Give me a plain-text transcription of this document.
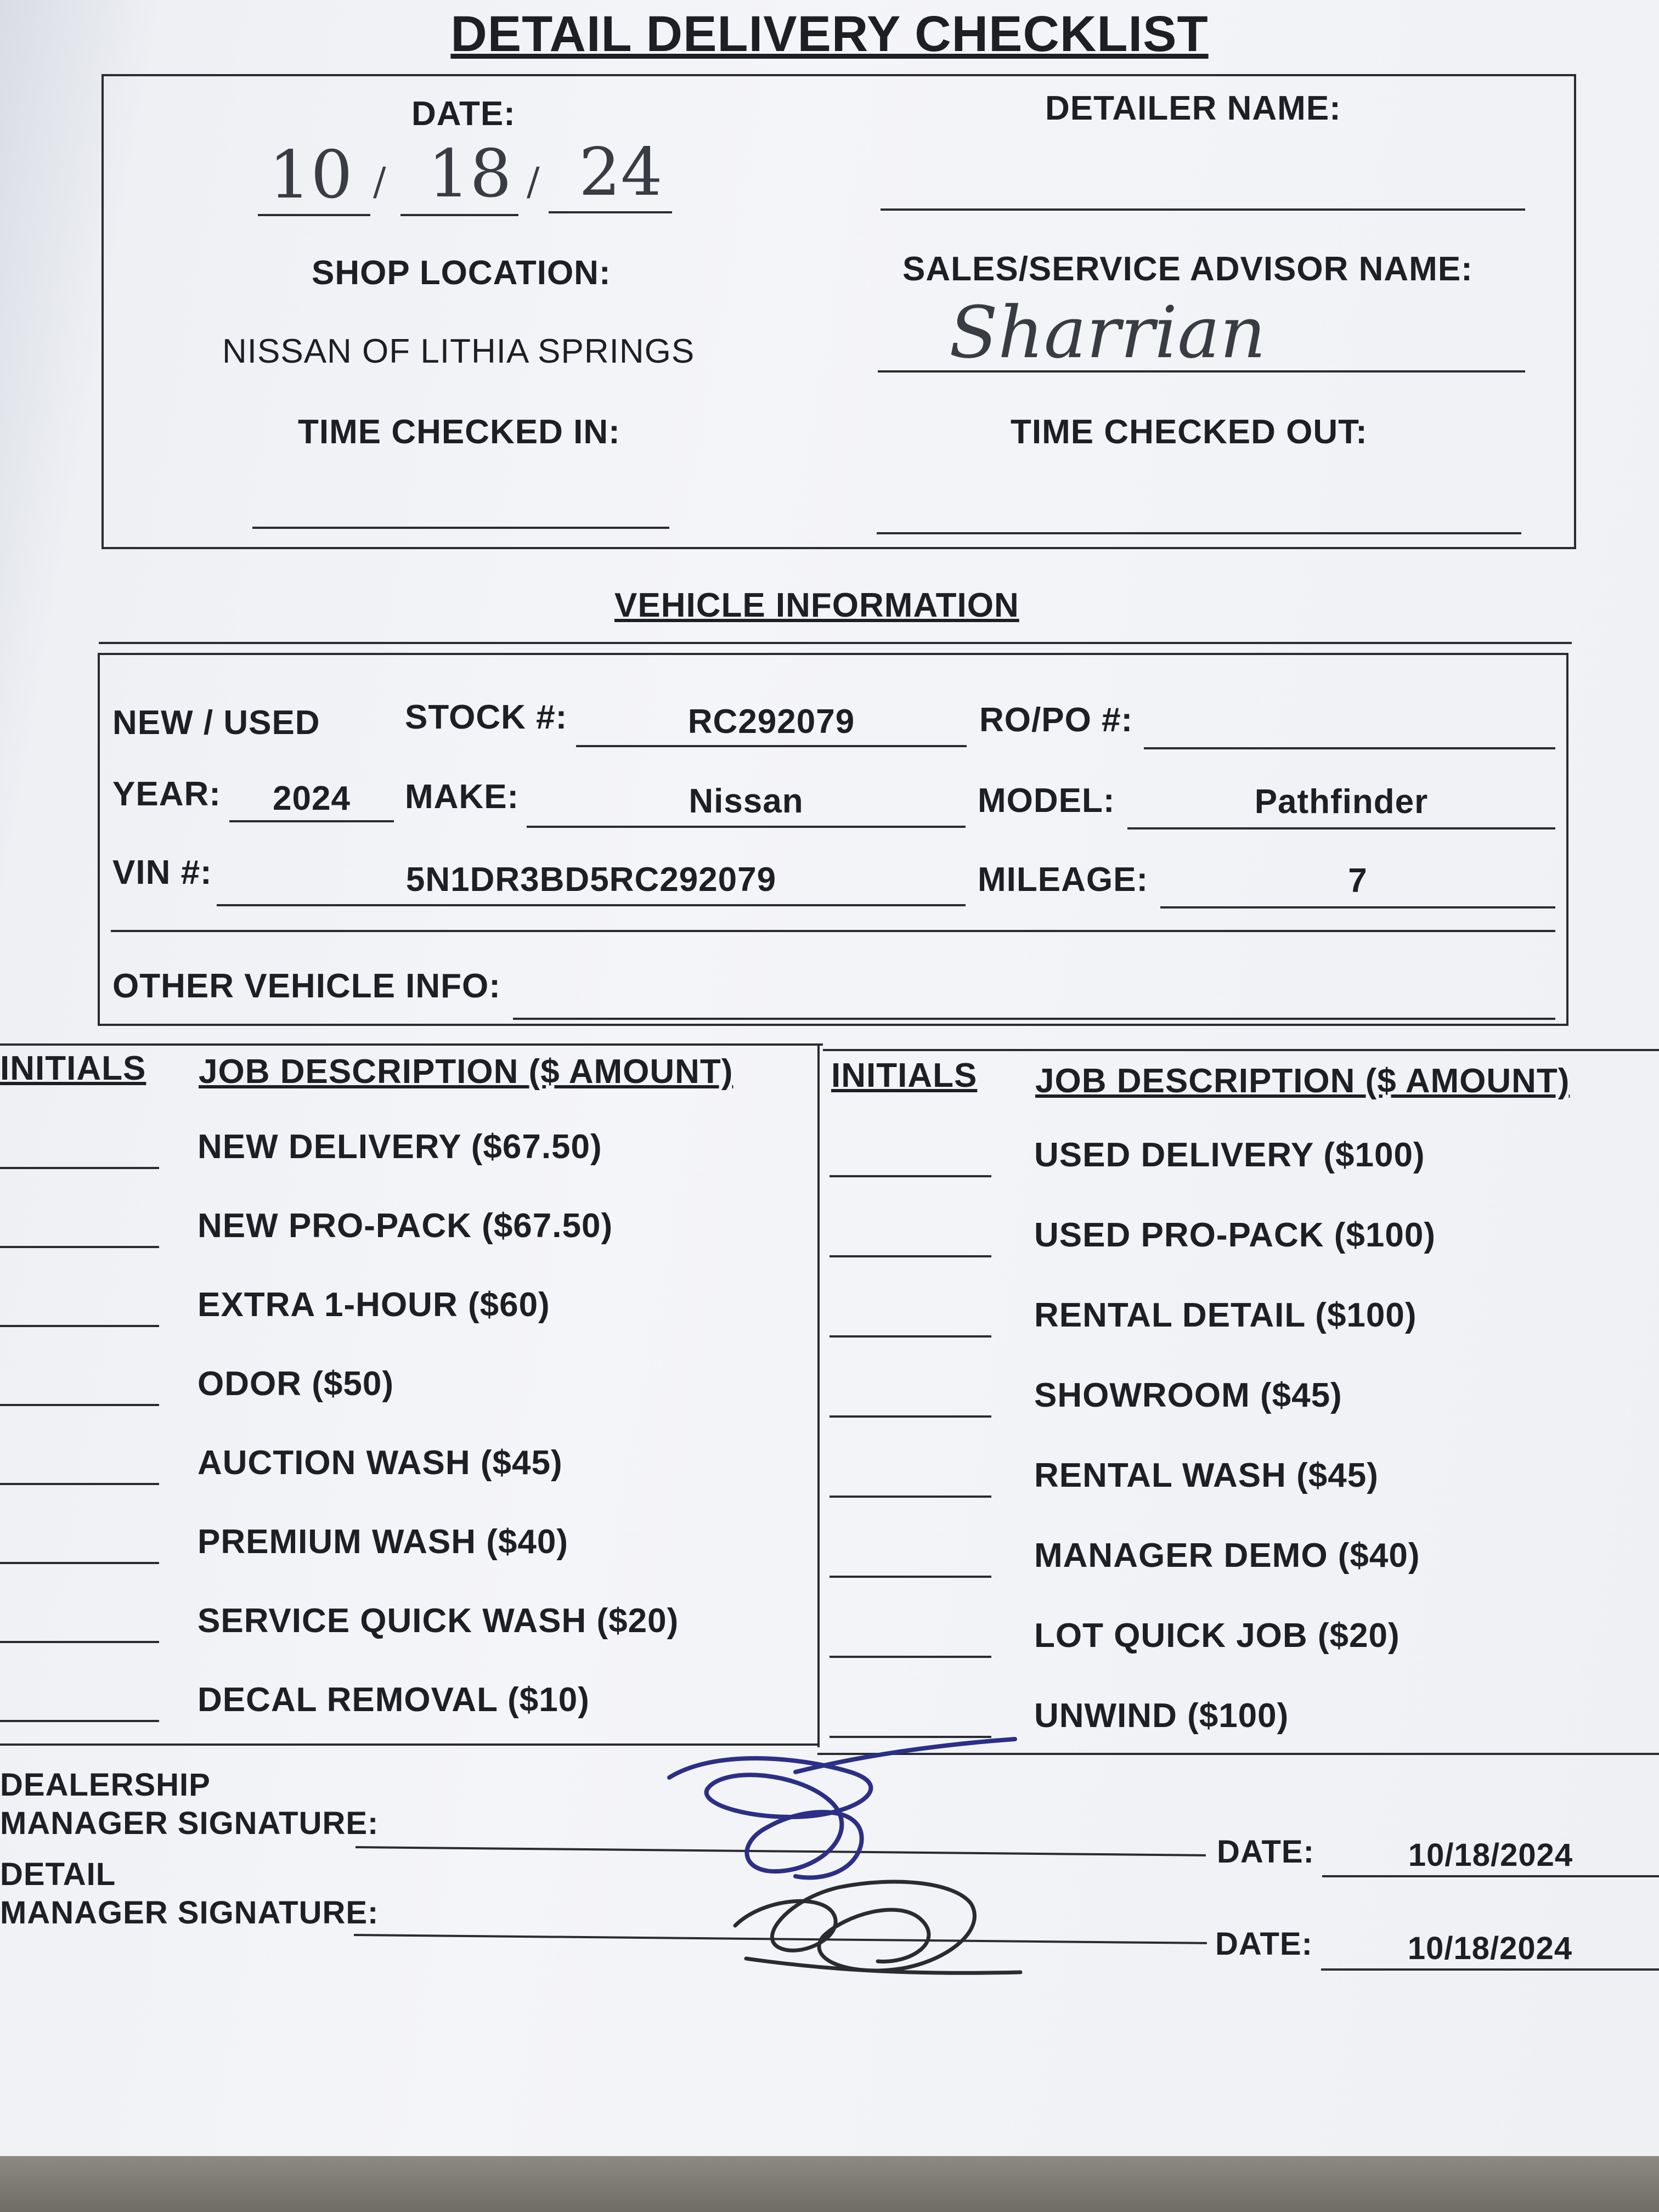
DETAIL DELIVERY CHECKLIST
DATE:
10 / 18 / 24
DETAILER NAME:
SHOP LOCATION:
NISSAN OF LITHIA SPRINGS
SALES/SERVICE ADVISOR NAME:
Sharrian
TIME CHECKED IN:	TIME CHECKED OUT:
VEHICLE INFORMATION
NEW / USED STOCK #:	RC292079	RO/PO #:
YEAR:	2024	MAKE:	Nissan	MODEL:	Pathfinder
VIN #:	5N1DR3BD5RC292079	MILEAGE:	7
OTHER VEHICLE INFO:
INITIALS JOB DESCRIPTION ($ AMOUNT)	INITIALS JOB DESCRIPTION ($ AMOUNT)
NEW DELIVERY ($67.50)
NEW PRO-PACK ($67.50)
EXTRA 1-HOUR ($60)
ODOR ($50)
AUCTION WASH ($45)
PREMIUM WASH ($40)
SERVICE QUICK WASH ($20)
DECAL REMOVAL ($10)
USED DELIVERY ($100)
USED PRO-PACK ($100)
RENTAL DETAIL ($100)
SHOWROOM ($45)
RENTAL WASH ($45)
MANAGER DEMO ($40)
LOT QUICK JOB ($20)
UNWIND ($100)
DEALERSHIP
MANAGER SIGNATURE:
DATE:	10/18/2024
DETAIL
MANAGER SIGNATURE:
DATE:	10/18/2024
